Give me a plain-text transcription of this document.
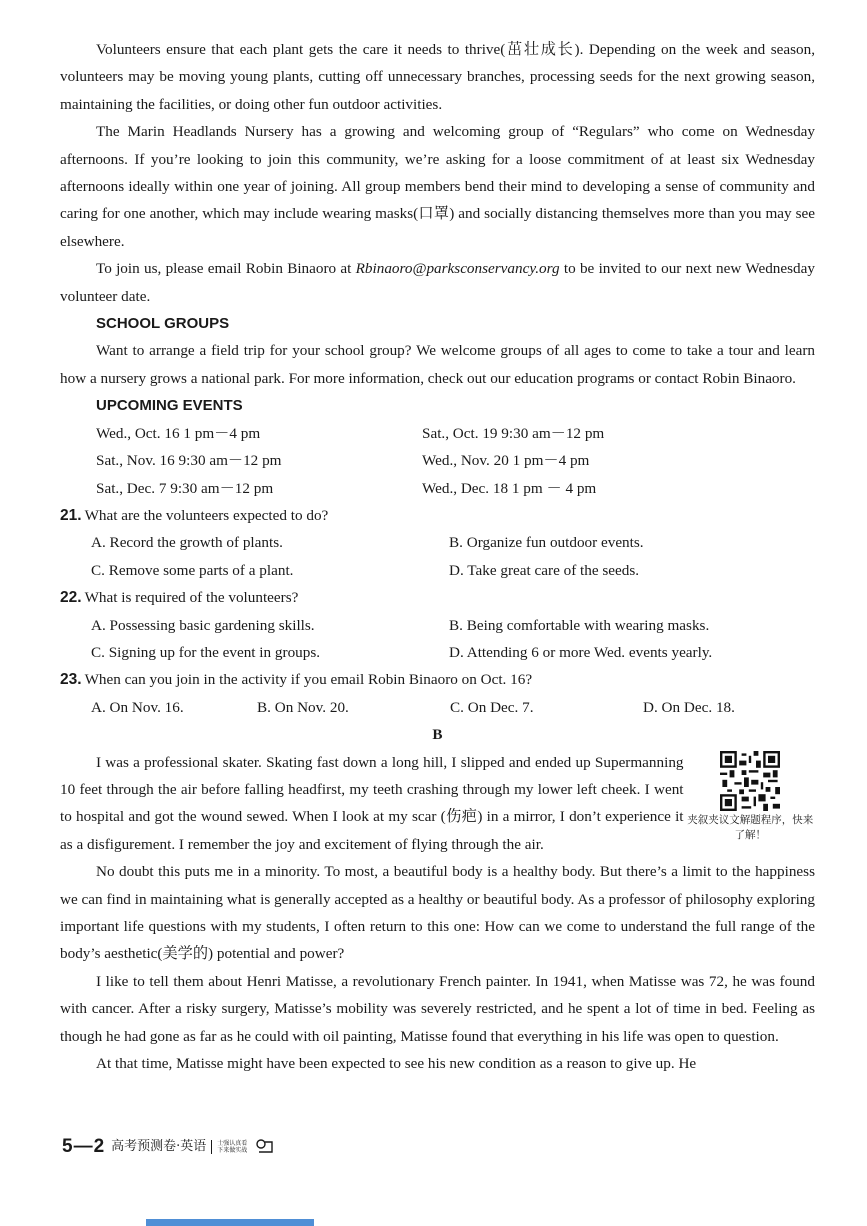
Volunteers ensure that each plant gets the care it needs to thrive(茁壮成长). Depending on the week and season, volunteers may be moving young plants, cutting off unnecessary branches, processing seeds for the next growing season, maintaining the facilities, or doing other fun outdoor activities.

The Marin Headlands Nursery has a growing and welcoming group of “Regulars” who come on Wednesday afternoons. If you’re looking to join this community, we’re asking for a loose commitment of at least six Wednesday afternoons ideally within one year of joining. All group members bend their mind to developing a sense of community and caring for one another, which may include wearing masks(口罩) and socially distancing themselves more than you may see elsewhere.

To join us, please email Robin Binaoro at Rbinaoro@parksconservancy.org to be invited to our next new Wednesday volunteer date.

SCHOOL GROUPS

Want to arrange a field trip for your school group? We welcome groups of all ages to come to take a tour and learn how a nursery grows a national park. For more information, check out our education programs or contact Robin Binaoro.

UPCOMING EVENTS
Wed., Oct. 16 1 pm－4 pm	Sat., Oct. 19 9:30 am－12 pm
Sat., Nov. 16 9:30 am－12 pm	Wed., Nov. 20 1 pm－4 pm
Sat., Dec. 7 9:30 am－12 pm	Wed., Dec. 18 1 pm － 4 pm
21. What are the volunteers expected to do?
A. Record the growth of plants.	B. Organize fun outdoor events.
C. Remove some parts of a plant.	D. Take great care of the seeds.
22. What is required of the volunteers?
A. Possessing basic gardening skills.	B. Being comfortable with wearing masks.
C. Signing up for the event in groups.	D. Attending 6 or more Wed. events yearly.
23. When can you join in the activity if you email Robin Binaoro on Oct. 16?
A. On Nov. 16.	B. On Nov. 20.	C. On Dec. 7.	D. On Dec. 18.
B

I was a professional skater. Skating fast down a long hill, I slipped and ended up Supermanning 10 feet through the air before falling headfirst, my teeth crashing through my lower left cheek. I went to hospital and got the wound sewed. When I look at my scar (伤疤) in a mirror, I don’t experience it as a disfigurement. I remember the joy and excitement of flying through the air.

夹叙夹议文解题程序，快来了解！

No doubt this puts me in a minority. To most, a beautiful body is a healthy body. But there’s a limit to the happiness we can find in maintaining what is generally accepted as a healthy or beautiful body. As a professor of philosophy exploring important life questions with my students, I often return to this one: How can we come to understand the full range of the body’s aesthetic(美学的) potential and power?

I like to tell them about Henri Matisse, a revolutionary French painter. In 1941, when Matisse was 72, he was found with cancer. After a risky surgery, Matisse’s mobility was severely restricted, and he spent a lot of time in bed. Feeling as though he had gone as far as he could with oil painting, Matisse found that everything in his life was open to question.

At that time, Matisse might have been expected to see his new condition as a reason to give up. He

5—2 高考预测卷·英语 士强认真看
下来做实战
